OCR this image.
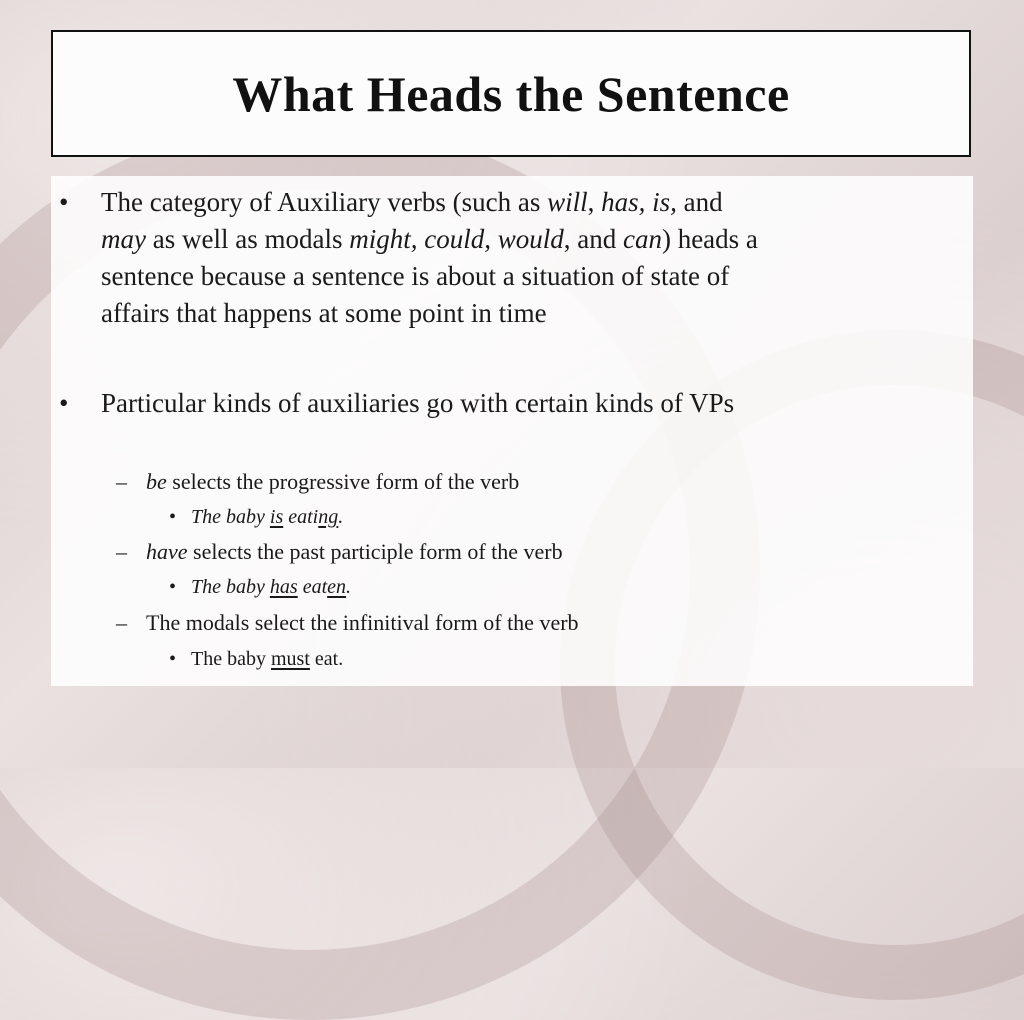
What Heads the Sentence
• The category of Auxiliary verbs (such as will, has, is, and
may as well as modals might, could, would, and can) heads a
sentence because a sentence is about a situation of state of
affairs that happens at some point in time
• Particular kinds of auxiliaries go with certain kinds of VPs
– be selects the progressive form of the verb
• The baby is eating.
– have selects the past participle form of the verb
• The baby has eaten.
– The modals select the infinitival form of the verb
• The baby must eat.
